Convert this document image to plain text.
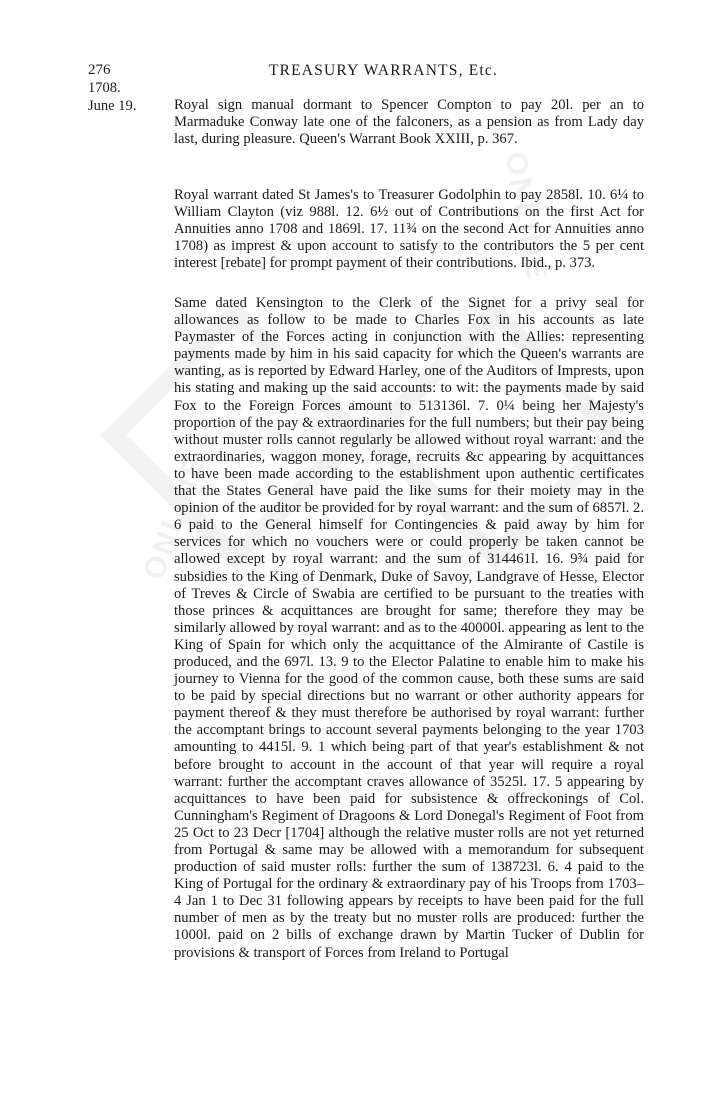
ONLINE
ONLINE
276	TREASURY WARRANTS, Etc.
1708.
June 19.	Royal sign manual dormant to Spencer Compton to pay 20l. per an to Marmaduke Conway late one of the falconers, as a pension as from Lady day last, during pleasure. Queen's Warrant Book XXIII, p. 367.

Royal warrant dated St James's to Treasurer Godolphin to pay 2858l. 10. 6¼ to William Clayton (viz 988l. 12. 6½ out of Contributions on the first Act for Annuities anno 1708 and 1869l. 17. 11¾ on the second Act for Annuities anno 1708) as imprest & upon account to satisfy to the contributors the 5 per cent interest [rebate] for prompt payment of their contributions. Ibid., p. 373.

Same dated Kensington to the Clerk of the Signet for a privy seal for allowances as follow to be made to Charles Fox in his accounts as late Paymaster of the Forces acting in conjunction with the Allies: representing payments made by him in his said capacity for which the Queen's warrants are wanting, as is reported by Edward Harley, one of the Auditors of Imprests, upon his stating and making up the said accounts: to wit: the payments made by said Fox to the Foreign Forces amount to 513136l. 7. 0¼ being her Majesty's proportion of the pay & extraordinaries for the full numbers; but their pay being without muster rolls cannot regularly be allowed without royal warrant: and the extraordinaries, waggon money, forage, recruits &c appearing by acquittances to have been made according to the establishment upon authentic certificates that the States General have paid the like sums for their moiety may in the opinion of the auditor be provided for by royal warrant: and the sum of 6857l. 2. 6 paid to the General himself for Contingencies & paid away by him for services for which no vouchers were or could properly be taken cannot be allowed except by royal warrant: and the sum of 314461l. 16. 9¾ paid for subsidies to the King of Denmark, Duke of Savoy, Landgrave of Hesse, Elector of Treves & Circle of Swabia are certified to be pursuant to the treaties with those princes & acquittances are brought for same; therefore they may be similarly allowed by royal warrant: and as to the 40000l. appearing as lent to the King of Spain for which only the acquittance of the Almirante of Castile is produced, and the 697l. 13. 9 to the Elector Palatine to enable him to make his journey to Vienna for the good of the common cause, both these sums are said to be paid by special directions but no warrant or other authority appears for payment thereof & they must therefore be authorised by royal warrant: further the accomptant brings to account several payments belonging to the year 1703 amounting to 4415l. 9. 1 which being part of that year's establishment & not before brought to account in the account of that year will require a royal warrant: further the accomptant craves allowance of 3525l. 17. 5 appearing by acquittances to have been paid for subsistence & offreckonings of Col. Cunningham's Regiment of Dragoons & Lord Donegal's Regiment of Foot from 25 Oct to 23 Decr [1704] although the relative muster rolls are not yet returned from Portugal & same may be allowed with a memorandum for subsequent production of said muster rolls: further the sum of 138723l. 6. 4 paid to the King of Portugal for the ordinary & extraordinary pay of his Troops from 1703–4 Jan 1 to Dec 31 following appears by receipts to have been paid for the full number of men as by the treaty but no muster rolls are produced: further the 1000l. paid on 2 bills of exchange drawn by Martin Tucker of Dublin for provisions & transport of Forces from Ireland to Portugal
